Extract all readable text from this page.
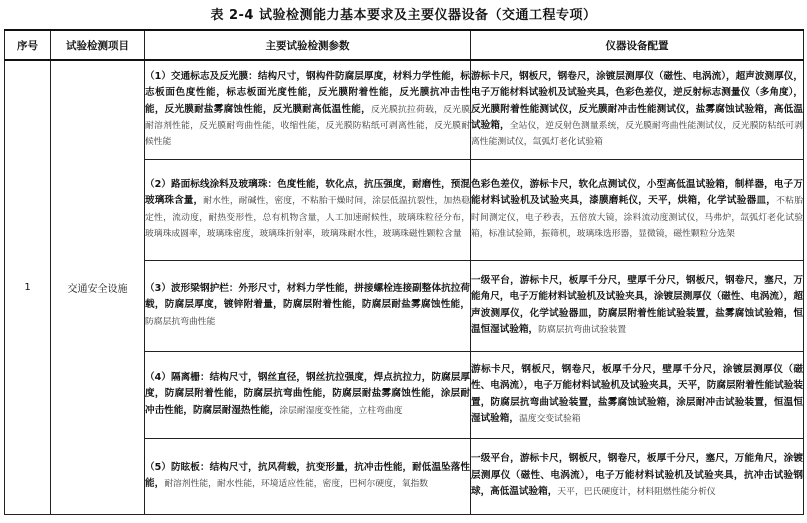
表 2-4 试验检测能力基本要求及主要仪器设备（交通工程专项）
序号	试验检测项目	主要试验检测参数	仪器设备配置
1	交通安全设施	（1）交通标志及反光膜：结构尺寸，钢构件防腐层厚度，材料力学性能，标志板面色度性能，标志板面光度性能，反光膜附着性能，反光膜抗冲击性能，反光膜耐盐雾腐蚀性能，反光膜耐高低温性能，反光膜抗拉荷载，反光膜耐溶剂性能，反光膜耐弯曲性能，收缩性能，反光膜防粘纸可剥离性能，反光膜耐候性能	游标卡尺，钢板尺，钢卷尺，涂镀层测厚仪（磁性、电涡流），超声波测厚仪，电子万能材料试验机及试验夹具，色彩色差仪，逆反射标志测量仪（多角度），反光膜附着性能测试仪，反光膜耐冲击性能测试仪，盐雾腐蚀试验箱，高低温试验箱，全站仪，逆反射色测量系统，反光膜耐弯曲性能测试仪，反光膜防粘纸可剥离性能测试仪，氙弧灯老化试验箱
		（2）路面标线涂料及玻璃珠：色度性能，软化点，抗压强度，耐磨性，预混玻璃珠含量，耐水性，耐碱性，密度，不粘胎干燥时间，涂层低温抗裂性，加热稳定性，流动度，耐热变形性，总有机物含量，人工加速耐候性，玻璃珠粒径分布，玻璃珠成圆率，玻璃珠密度，玻璃珠折射率，玻璃珠耐水性，玻璃珠磁性颗粒含量	色彩色差仪，游标卡尺，软化点测试仪，小型高低温试验箱，制样器，电子万能材料试验机及试验夹具，漆膜磨耗仪，天平，烘箱，化学试验器皿，不粘胎时间测定仪，电子秒表，五倍放大镜，涂料流动度测试仪，马弗炉，氙弧灯老化试验箱，标准试验筛，振筛机，玻璃珠选形器，显微镜，磁性颗粒分选架
		（3）波形梁钢护栏：外形尺寸，材料力学性能，拼接螺栓连接副整体抗拉荷载，防腐层厚度，镀锌附着量，防腐层附着性能，防腐层耐盐雾腐蚀性能，防腐层抗弯曲性能	一级平台，游标卡尺，板厚千分尺，壁厚千分尺，钢板尺，钢卷尺，塞尺，万能角尺，电子万能材料试验机及试验夹具，涂镀层测厚仪（磁性、电涡流），超声波测厚仪，化学试验器皿，防腐层附着性能试验装置，盐雾腐蚀试验箱，恒温恒湿试验箱，防腐层抗弯曲试验装置
		（4）隔离栅：结构尺寸，钢丝直径，钢丝抗拉强度，焊点抗拉力，防腐层厚度，防腐层附着性能，防腐层抗弯曲性能，防腐层耐盐雾腐蚀性能，涂层耐冲击性能，防腐层耐湿热性能，涂层耐湿度变性能，立柱弯曲度	游标卡尺，钢板尺，钢卷尺，板厚千分尺，壁厚千分尺，涂镀层测厚仪（磁性、电涡流），电子万能材料试验机及试验夹具，天平，防腐层附着性能试验装置，防腐层抗弯曲试验装置，盐雾腐蚀试验箱，涂层耐冲击试验装置，恒温恒湿试验箱，温度交变试验箱
		（5）防眩板：结构尺寸，抗风荷载，抗变形量，抗冲击性能，耐低温坠落性能，耐溶剂性能，耐水性能，环境适应性能，密度，巴柯尔硬度，氧指数	一级平台，游标卡尺，钢板尺，钢卷尺，板厚千分尺，塞尺，万能角尺，涂镀层测厚仪（磁性、电涡流），电子万能材料试验机及试验夹具，抗冲击试验钢球，高低温试验箱，天平，巴氏硬度计，材料阻燃性能分析仪
